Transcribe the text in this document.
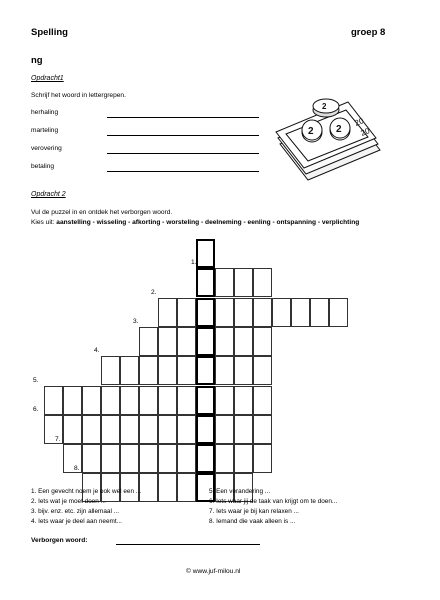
Spelling	groep 8
ng
Opdracht1
Schrijf het woord in lettergrepen.
herhaling
marteling
verovering
betaling
20
20
2
2 2
Opdracht 2
Vul de puzzel in en ontdek het verborgen woord.
Kies uit: aanstelling - wisseling - afkorting - worsteling - deelneming - eenling - ontspanning - verplichting
1.
2.
3.
4.
5.
6.
7.
8.
1. Een gevecht noem je ook wel een ...
2. Iets wat je moet doen ...
3. bijv. enz. etc. zijn allemaal ...
4. Iets waar je deel aan neemt...
5. Een verandering ...
6. Iets waar jij de taak van krijgt om te doen...
7. Iets waar je bij kan relaxen ...
8. Iemand die vaak alleen is ...
Verborgen woord:
© www.juf-milou.nl
